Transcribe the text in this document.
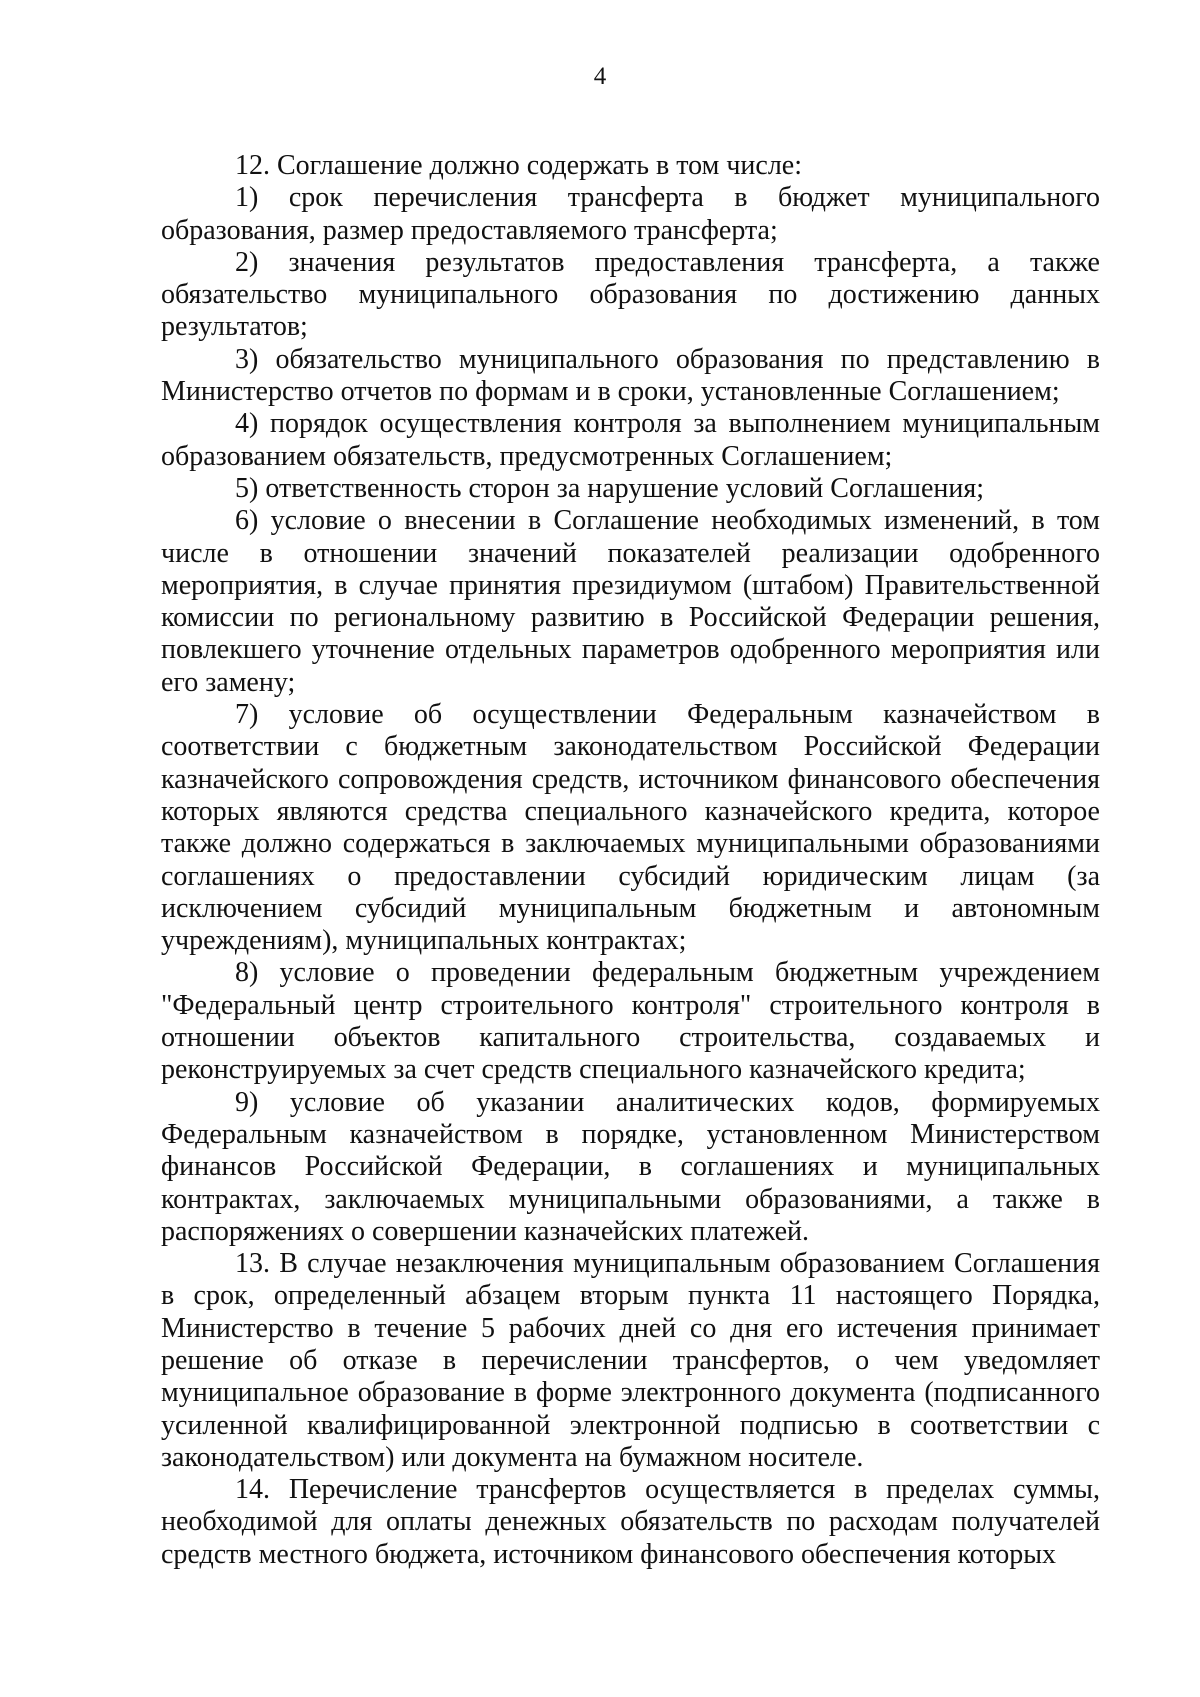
4

12. Соглашение должно содержать в том числе:

1) срок перечисления трансферта в бюджет муниципального образования, размер предоставляемого трансферта;

2) значения результатов предоставления трансферта, а также обязательство муниципального образования по достижению данных результатов;

3) обязательство муниципального образования по представлению в Министерство отчетов по формам и в сроки, установленные Соглашением;

4) порядок осуществления контроля за выполнением муниципальным образованием обязательств, предусмотренных Соглашением;

5) ответственность сторон за нарушение условий Соглашения;

6) условие о внесении в Соглашение необходимых изменений, в том числе в отношении значений показателей реализации одобренного мероприятия, в случае принятия президиумом (штабом) Правительственной комиссии по региональному развитию в Российской Федерации решения, повлекшего уточнение отдельных параметров одобренного мероприятия или его замену;

7) условие об осуществлении Федеральным казначейством в соответствии с бюджетным законодательством Российской Федерации казначейского сопровождения средств, источником финансового обеспечения которых являются средства специального казначейского кредита, которое также должно содержаться в заключаемых муниципальными образованиями соглашениях о предоставлении субсидий юридическим лицам (за исключением субсидий муниципальным бюджетным и автономным учреждениям), муниципальных контрактах;

8) условие о проведении федеральным бюджетным учреждением "Федеральный центр строительного контроля" строительного контроля в отношении объектов капитального строительства, создаваемых и реконструируемых за счет средств специального казначейского кредита;

9) условие об указании аналитических кодов, формируемых Федеральным казначейством в порядке, установленном Министерством финансов Российской Федерации, в соглашениях и муниципальных контрактах, заключаемых муниципальными образованиями, а также в распоряжениях о совершении казначейских платежей.

13. В случае незаключения муниципальным образованием Соглашения в срок, определенный абзацем вторым пункта 11 настоящего Порядка, Министерство в течение 5 рабочих дней со дня его истечения принимает решение об отказе в перечислении трансфертов, о чем уведомляет муниципальное образование в форме электронного документа (подписанного усиленной квалифицированной электронной подписью в соответствии с законодательством) или документа на бумажном носителе.

14. Перечисление трансфертов осуществляется в пределах суммы, необходимой для оплаты денежных обязательств по расходам получателей средств местного бюджета, источником финансового обеспечения которых
